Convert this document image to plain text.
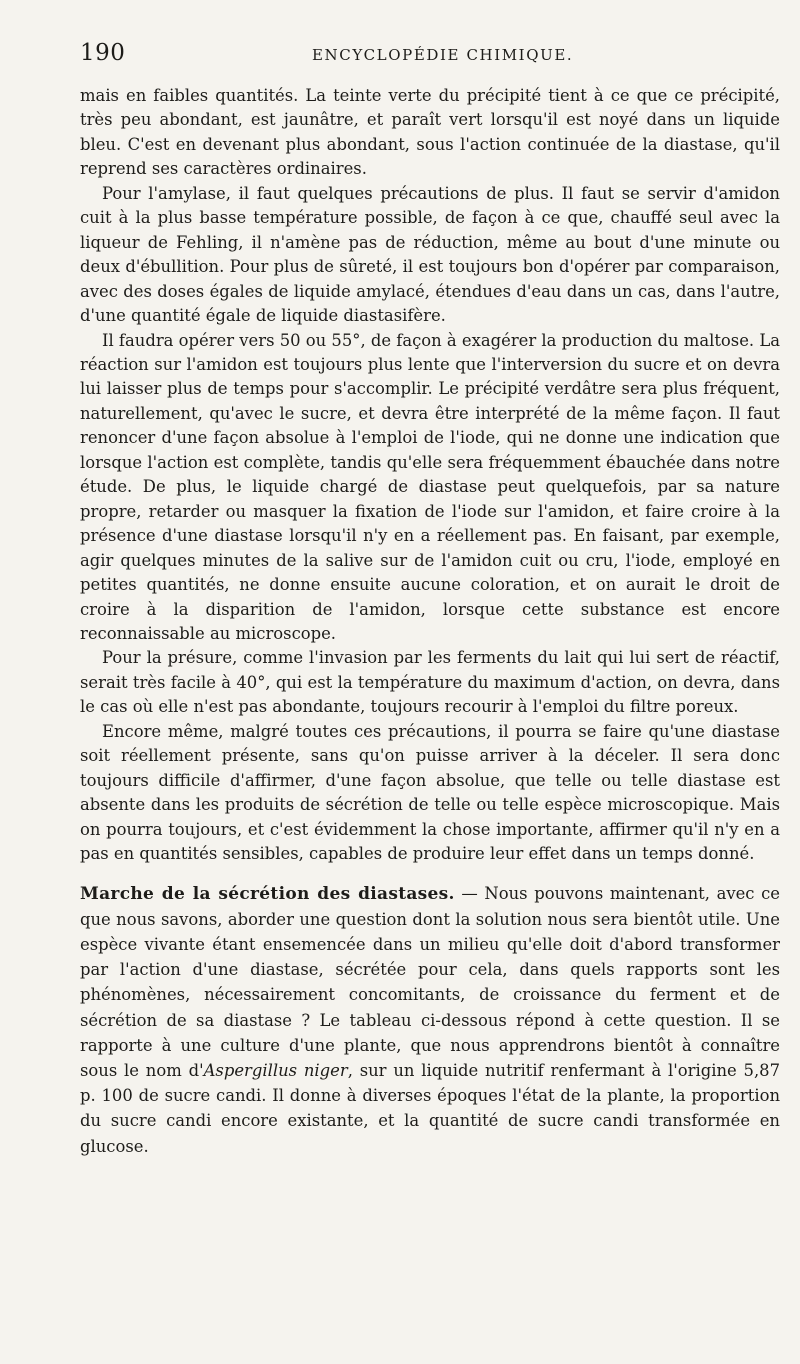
190	ENCYCLOPÉDIE CHIMIQUE.

mais en faibles quantités. La teinte verte du précipité tient à ce que ce précipité, très peu abondant, est jaunâtre, et paraît vert lorsqu'il est noyé dans un liquide bleu. C'est en devenant plus abondant, sous l'action continuée de la diastase, qu'il reprend ses caractères ordinaires.

Pour l'amylase, il faut quelques précautions de plus. Il faut se servir d'amidon cuit à la plus basse température possible, de façon à ce que, chauffé seul avec la liqueur de Fehling, il n'amène pas de réduction, même au bout d'une minute ou deux d'ébullition. Pour plus de sûreté, il est toujours bon d'opérer par comparaison, avec des doses égales de liquide amylacé, étendues d'eau dans un cas, dans l'autre, d'une quantité égale de liquide diastasifère.

Il faudra opérer vers 50 ou 55°, de façon à exagérer la production du maltose. La réaction sur l'amidon est toujours plus lente que l'interversion du sucre et on devra lui laisser plus de temps pour s'accomplir. Le précipité verdâtre sera plus fréquent, naturellement, qu'avec le sucre, et devra être interprété de la même façon. Il faut renoncer d'une façon absolue à l'emploi de l'iode, qui ne donne une indication que lorsque l'action est complète, tandis qu'elle sera fréquemment ébauchée dans notre étude. De plus, le liquide chargé de diastase peut quelquefois, par sa nature propre, retarder ou masquer la fixation de l'iode sur l'amidon, et faire croire à la présence d'une diastase lorsqu'il n'y en a réellement pas. En faisant, par exemple, agir quelques minutes de la salive sur de l'amidon cuit ou cru, l'iode, employé en petites quantités, ne donne ensuite aucune coloration, et on aurait le droit de croire à la disparition de l'amidon, lorsque cette substance est encore reconnaissable au microscope.

Pour la présure, comme l'invasion par les ferments du lait qui lui sert de réactif, serait très facile à 40°, qui est la température du maximum d'action, on devra, dans le cas où elle n'est pas abondante, toujours recourir à l'emploi du filtre poreux.

Encore même, malgré toutes ces précautions, il pourra se faire qu'une diastase soit réellement présente, sans qu'on puisse arriver à la déceler. Il sera donc toujours difficile d'affirmer, d'une façon absolue, que telle ou telle diastase est absente dans les produits de sécrétion de telle ou telle espèce microscopique. Mais on pourra toujours, et c'est évidemment la chose importante, affirmer qu'il n'y en a pas en quantités sensibles, capables de produire leur effet dans un temps donné.

Marche de la sécrétion des diastases. — Nous pouvons maintenant, avec ce que nous savons, aborder une question dont la solution nous sera bientôt utile. Une espèce vivante étant ensemencée dans un milieu qu'elle doit d'abord transformer par l'action d'une diastase, sécrétée pour cela, dans quels rapports sont les phénomènes, nécessairement concomitants, de croissance du ferment et de sécrétion de sa diastase ? Le tableau ci-dessous répond à cette question. Il se rapporte à une culture d'une plante, que nous apprendrons bientôt à connaître sous le nom d'Aspergillus niger, sur un liquide nutritif renfermant à l'origine 5,87 p. 100 de sucre candi. Il donne à diverses époques l'état de la plante, la proportion du sucre candi encore existante, et la quantité de sucre candi transformée en glucose.
